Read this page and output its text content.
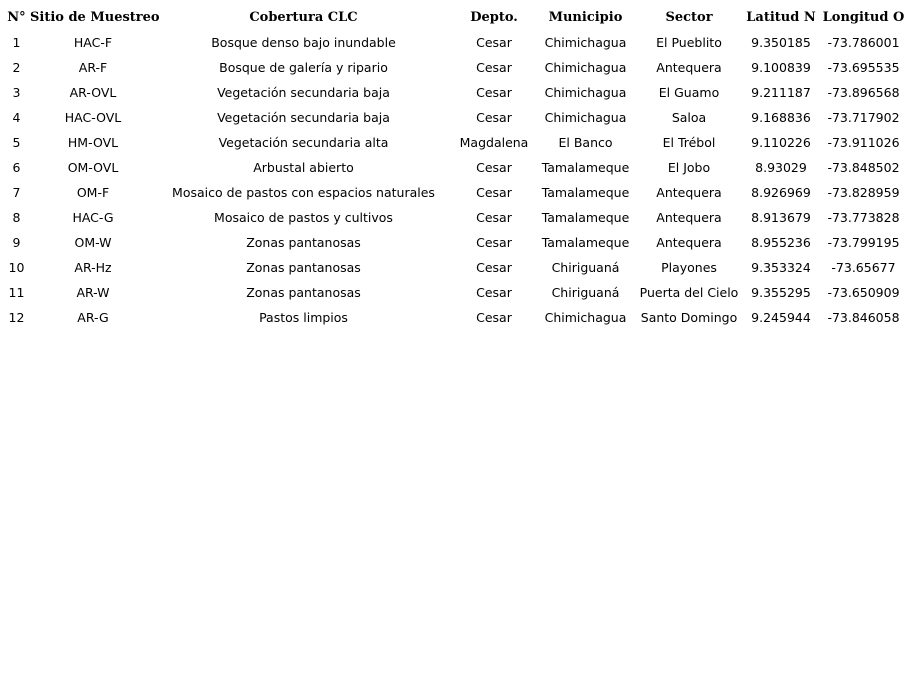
N°	Sitio de Muestreo	Cobertura CLC	Depto.	Municipio	Sector	Latitud N	Longitud O
1	HAC-F	Bosque denso bajo inundable	Cesar	Chimichagua	El Pueblito	9.350185	-73.786001
2	AR-F	Bosque de galería y ripario	Cesar	Chimichagua	Antequera	9.100839	-73.695535
3	AR-OVL	Vegetación secundaria baja	Cesar	Chimichagua	El Guamo	9.211187	-73.896568
4	HAC-OVL	Vegetación secundaria baja	Cesar	Chimichagua	Saloa	9.168836	-73.717902
5	HM-OVL	Vegetación secundaria alta	Magdalena	El Banco	El Trébol	9.110226	-73.911026
6	OM-OVL	Arbustal abierto	Cesar	Tamalameque	El Jobo	8.93029	-73.848502
7	OM-F	Mosaico de pastos con espacios naturales	Cesar	Tamalameque	Antequera	8.926969	-73.828959
8	HAC-G	Mosaico de pastos y cultivos	Cesar	Tamalameque	Antequera	8.913679	-73.773828
9	OM-W	Zonas pantanosas	Cesar	Tamalameque	Antequera	8.955236	-73.799195
10	AR-Hz	Zonas pantanosas	Cesar	Chiriguaná	Playones	9.353324	-73.65677
11	AR-W	Zonas pantanosas	Cesar	Chiriguaná	Puerta del Cielo	9.355295	-73.650909
12	AR-G	Pastos limpios	Cesar	Chimichagua	Santo Domingo	9.245944	-73.846058
